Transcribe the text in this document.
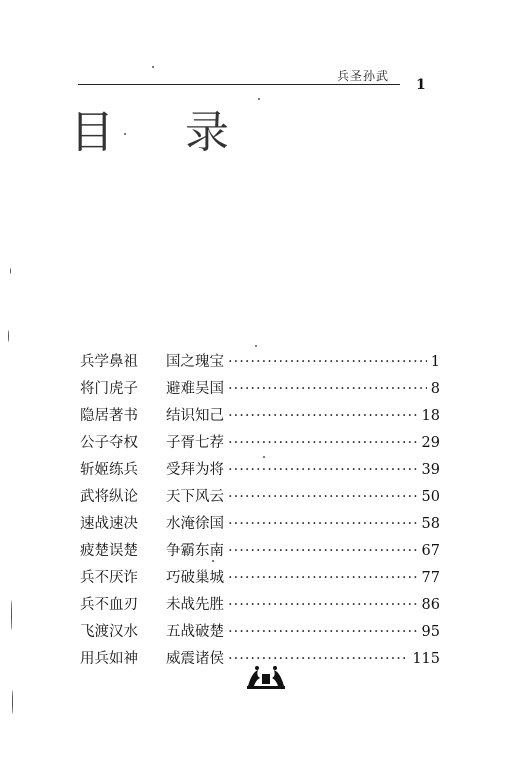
兵圣孙武
1
目 录
兵学鼻祖	国之瑰宝 ·····	1
将门虎子	避难吴国 ·····	8
隐居著书	结识知己 ·····	18
公子夺权	子胥七荐 ·····	29
斩姬练兵	受拜为将 ·····	39
武将纵论	天下风云 ·····	50
速战速决	水淹徐国 ·····	58
疲楚误楚	争霸东南 ·····	67
兵不厌诈	巧破巢城 ·····	77
兵不血刃	未战先胜 ·····	86
飞渡汉水	五战破楚 ·····	95
用兵如神	威震诸侯 ·····	115
